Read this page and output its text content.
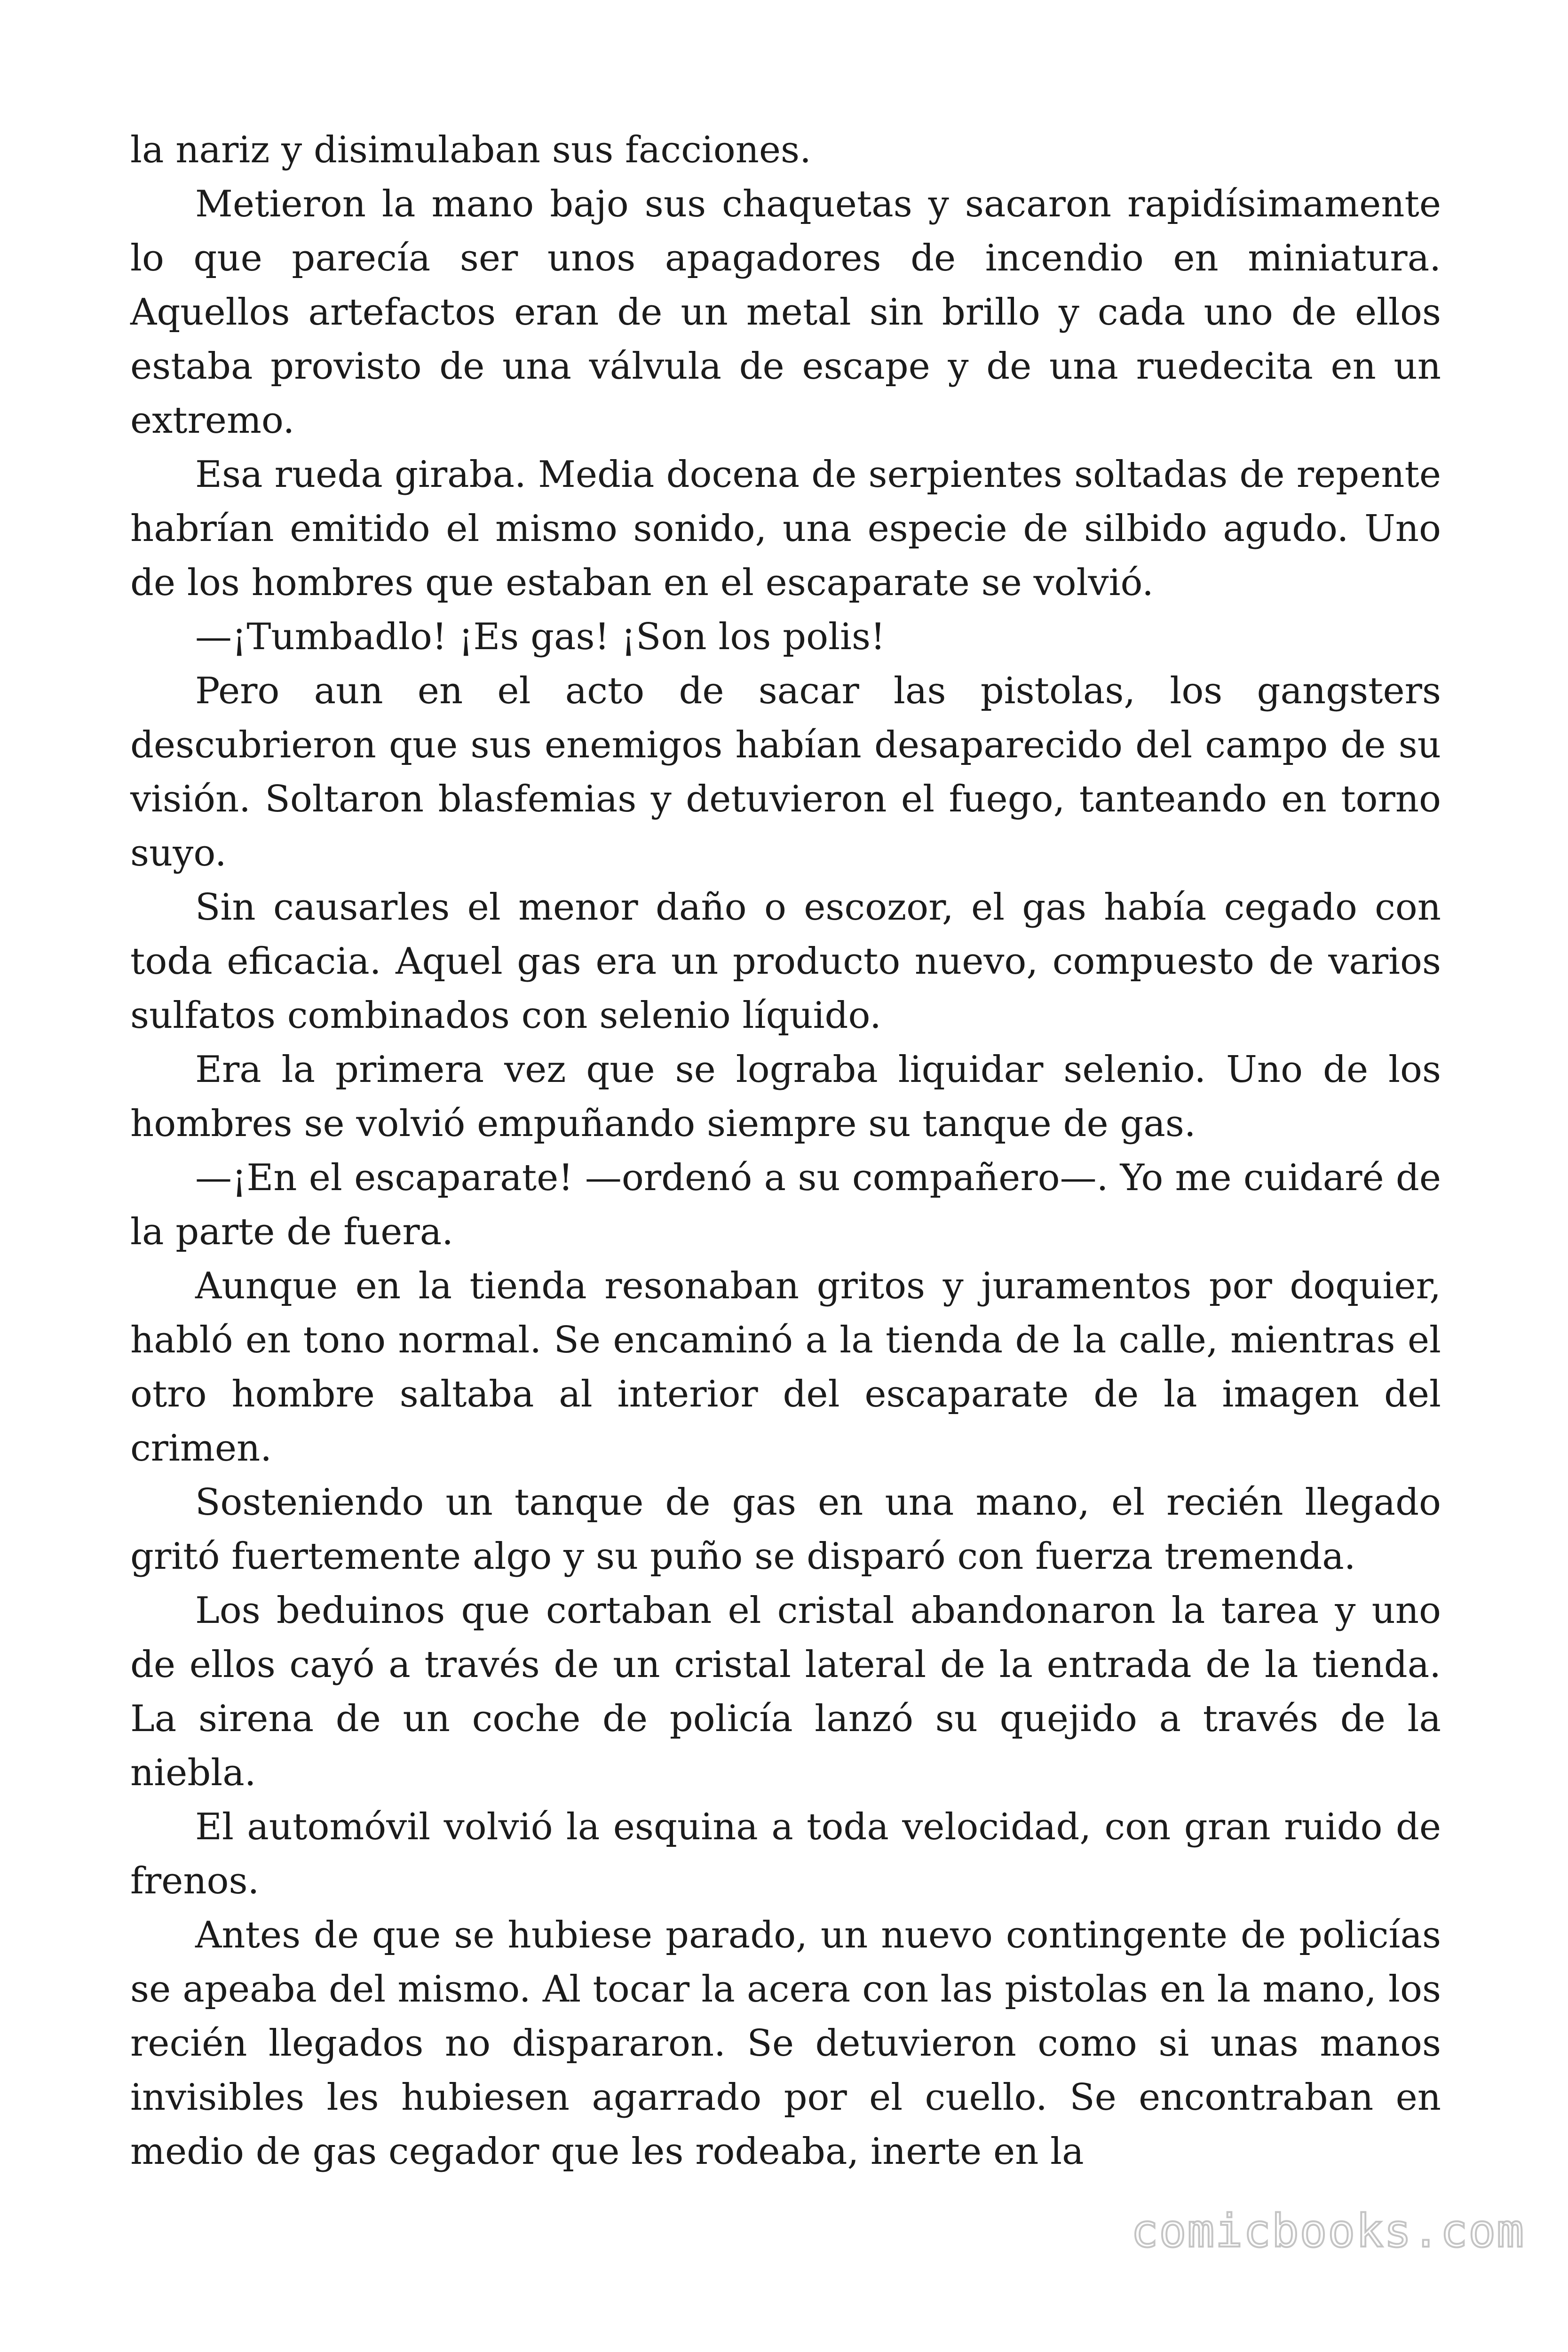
la nariz y disimulaban sus facciones.

Metieron la mano bajo sus chaquetas y sacaron rapidísimamente lo que parecía ser unos apagadores de incendio en miniatura. Aquellos artefactos eran de un metal sin brillo y cada uno de ellos estaba provisto de una válvula de escape y de una ruedecita en un extremo.

Esa rueda giraba. Media docena de serpientes soltadas de repente habrían emitido el mismo sonido, una especie de silbido agudo. Uno de los hombres que estaban en el escaparate se volvió.

—¡Tumbadlo! ¡Es gas! ¡Son los polis!

Pero aun en el acto de sacar las pistolas, los gangsters descubrieron que sus enemigos habían desaparecido del campo de su visión. Soltaron blasfemias y detuvieron el fuego, tanteando en torno suyo.

Sin causarles el menor daño o escozor, el gas había cegado con toda eficacia. Aquel gas era un producto nuevo, compuesto de varios sulfatos combinados con selenio líquido.

Era la primera vez que se lograba liquidar selenio. Uno de los hombres se volvió empuñando siempre su tanque de gas.

—¡En el escaparate! —ordenó a su compañero—. Yo me cuidaré de la parte de fuera.

Aunque en la tienda resonaban gritos y juramentos por doquier, habló en tono normal. Se encaminó a la tienda de la calle, mientras el otro hombre saltaba al interior del escaparate de la imagen del crimen.

Sosteniendo un tanque de gas en una mano, el recién llegado gritó fuertemente algo y su puño se disparó con fuerza tremenda.

Los beduinos que cortaban el cristal abandonaron la tarea y uno de ellos cayó a través de un cristal lateral de la entrada de la tienda. La sirena de un coche de policía lanzó su quejido a través de la niebla.

El automóvil volvió la esquina a toda velocidad, con gran ruido de frenos.

Antes de que se hubiese parado, un nuevo contingente de policías se apeaba del mismo. Al tocar la acera con las pistolas en la mano, los recién llegados no dispararon. Se detuvieron como si unas manos invisibles les hubiesen agarrado por el cuello. Se encontraban en medio de gas cegador que les rodeaba, inerte en la

comicbooks.com
